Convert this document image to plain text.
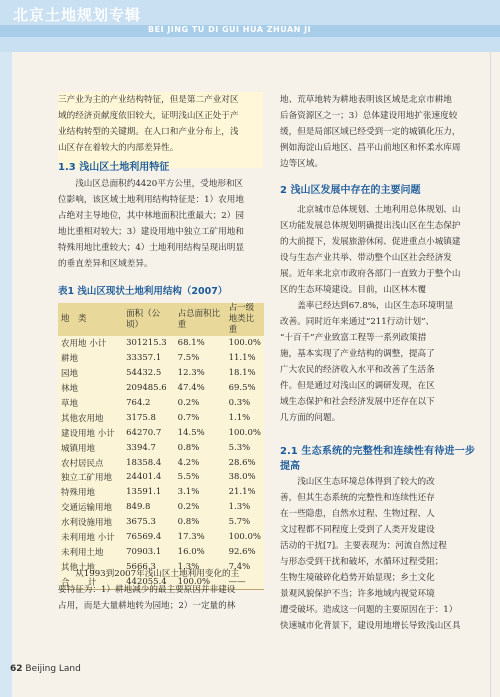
北京土地规划专辑
BEI JING TU DI GUI HUA ZHUAN JI

三产业为主的产业结构特征，但是第二产业对区

域的经济贡献度依旧较大，证明浅山区正处于产

业结构转型的关键期。在人口和产业分布上，浅

山区存在着较大的内部差异性。

1.3 浅山区土地利用特征

浅山区总面积约4420平方公里，受地形和区

位影响，该区域土地利用结构特征是：1）农用地

占绝对主导地位，其中林地面积比重最大；2）园

地比重相对较大；3）建设用地中独立工矿用地和

特殊用地比重较大；4）土地利用结构呈现出明显

的垂直差异和区域差异。

表1 浅山区现状土地利用结构（2007）
地　类	面积（公顷）	占总面积比重	占一级地类比重
农用地 小计	301215.3	68.1%	100.0%
耕地	33357.1	7.5%	11.1%
园地	54432.5	12.3%	18.1%
林地	209485.6	47.4%	69.5%
草地	764.2	0.2%	0.3%
其他农用地	3175.8	0.7%	1.1%
建设用地 小计	64270.7	14.5%	100.0%
城镇用地	3394.7	0.8%	5.3%
农村居民点	18358.4	4.2%	28.6%
独立工矿用地	24401.4	5.5%	38.0%
特殊用地	13591.1	3.1%	21.1%
交通运输用地	849.8	0.2%	1.3%
水利设施用地	3675.3	0.8%	5.7%
未利用地 小计	76569.4	17.3%	100.0%
未利用土地	70903.1	16.0%	92.6%
其他土地	5666.3	1.3%	7.4%
合　计	442055.4	100.0%	——

从1993到2007年浅山区土地利用变化的主

要特征为：1）耕地减少的最主要原因并非建设

占用，而是大量耕地转为园地；2）一定量的林

地、荒草地转为耕地表明该区域是北京市耕地

后备资源区之一；3）总体建设用地扩张速度较

缓，但是局部区域已经受到一定的城镇化压力，

例如海淀山后地区、昌平山前地区和怀柔水库周

边等区域。

2 浅山区发展中存在的主要问题

北京城市总体规划、土地利用总体规划、山

区功能发展总体规划明确提出浅山区在生态保护

的大前提下，发展旅游休闲、促进重点小城镇建

设与生态产业共举、带动整个山区社会经济发

展。近年来北京市政府各部门一直致力于整个山

区的生态环境建设。目前，山区林木覆

盖率已经达到67.8%，山区生态环境明显

改善。同时近年来通过“211行动计划”、

“十百千”产业致富工程等一系列政策措

施，基本实现了产业结构的调整，提高了

广大农民的经济收入水平和改善了生活条

件。但是通过对浅山区的调研发现，在区

域生态保护和社会经济发展中还存在以下

几方面的问题。

2.1 生态系统的完整性和连续性有待进一步提高

浅山区生态环境总体得到了较大的改

善，但其生态系统的完整性和连续性还存

在一些隐患，自然水过程、生物过程、人

文过程都不同程度上受到了人类开发建设

活动的干扰[7]。主要表现为：河流自然过程

与形态受到干扰和破坏，水循环过程受阻；

生物生境破碎化趋势开始显现；乡土文化

景观风貌保护不当；许多地域内视觉环境

遭受破坏。造成这一问题的主要原因在于：1）

快速城市化背景下，建设用地增长导致浅山区具

62 Beijing Land
